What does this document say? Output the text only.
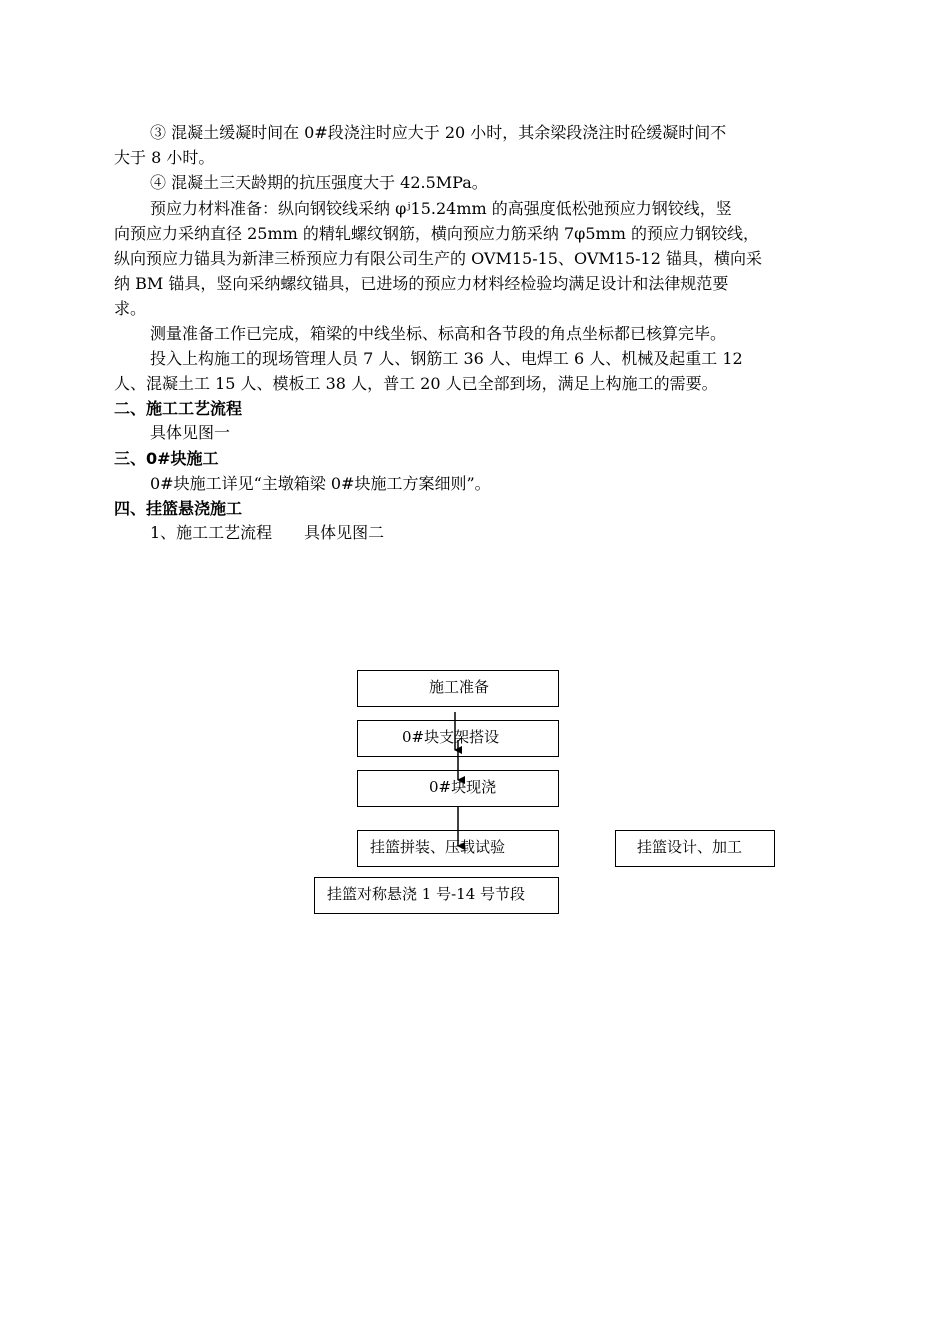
③ 混凝土缓凝时间在 0#段浇注时应大于 20 小时，其余梁段浇注时砼缓凝时间不
大于 8 小时。
④ 混凝土三天龄期的抗压强度大于 42.5MPa。
预应力材料准备：纵向钢铰线采纳 φʲ15.24mm 的高强度低松弛预应力钢铰线，竖
向预应力采纳直径 25mm 的精轧螺纹钢筋，横向预应力筋采纳 7φ5mm 的预应力钢铰线，
纵向预应力锚具为新津三桥预应力有限公司生产的 OVM15-15、OVM15-12 锚具，横向采
纳 BM 锚具，竖向采纳螺纹锚具，已进场的预应力材料经检验均满足设计和法律规范要
求。
测量准备工作已完成，箱梁的中线坐标、标高和各节段的角点坐标都已核算完毕。
投入上构施工的现场管理人员 7 人、钢筋工 36 人、电焊工 6 人、机械及起重工 12
人、混凝土工 15 人、模板工 38 人，普工 20 人已全部到场，满足上构施工的需要。
二、施工工艺流程
具体见图一
三、0#块施工
0#块施工详见“主墩箱梁 0#块施工方案细则”。
四、挂篮悬浇施工
1、施工工艺流程　　具体见图二
施工准备
0#块支架搭设
0#块现浇
挂篮拼装、压载试验	挂篮设计、加工
挂篮对称悬浇 1 号-14 号节段
